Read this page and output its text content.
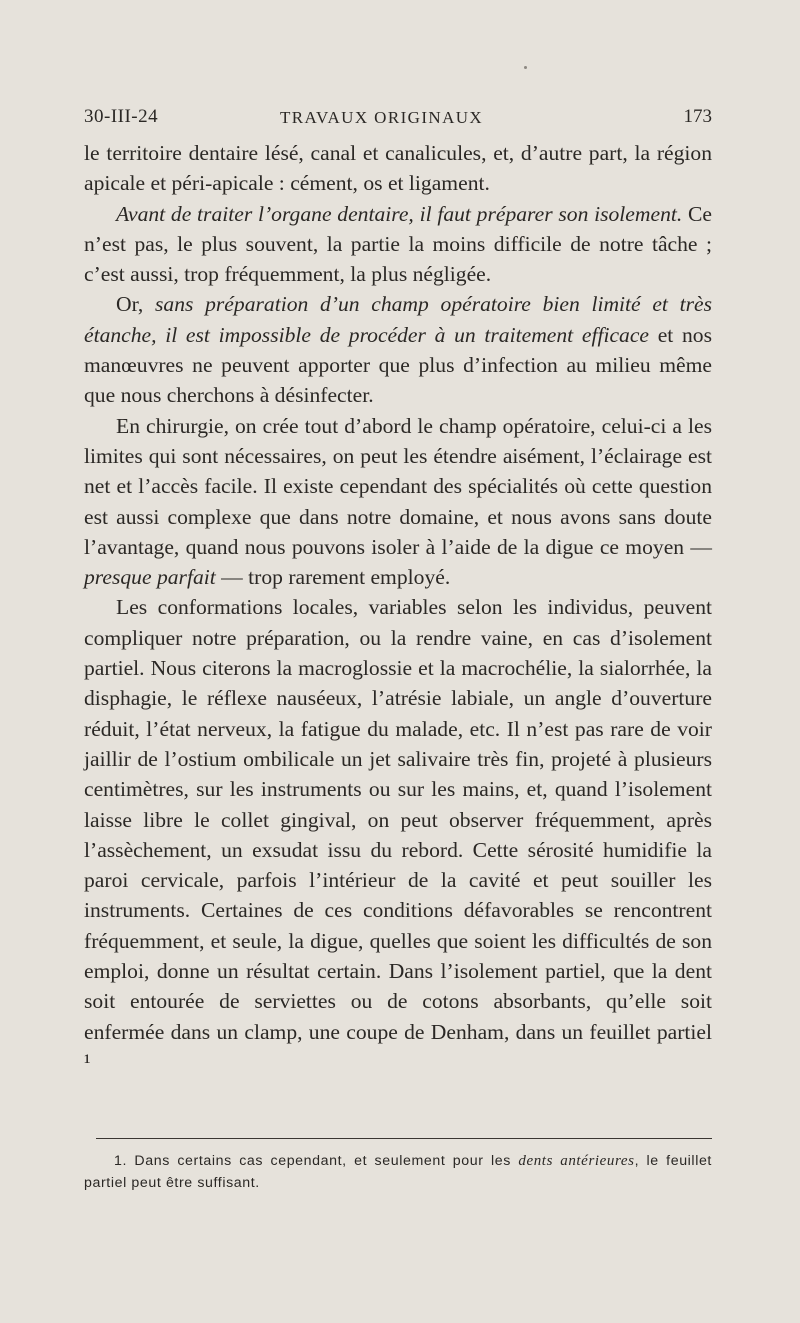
30-III-24	TRAVAUX ORIGINAUX	173

le territoire dentaire lésé, canal et canalicules, et, d’autre part, la région apicale et péri-apicale : cément, os et ligament.

Avant de traiter l’organe dentaire, il faut préparer son isolement. Ce n’est pas, le plus souvent, la partie la moins difficile de notre tâche ; c’est aussi, trop fréquemment, la plus négligée.

Or, sans préparation d’un champ opératoire bien limité et très étanche, il est impossible de procéder à un traitement efficace et nos manœuvres ne peuvent apporter que plus d’infection au milieu même que nous cherchons à désinfecter.

En chirurgie, on crée tout d’abord le champ opératoire, celui-ci a les limites qui sont nécessaires, on peut les étendre aisément, l’éclairage est net et l’accès facile. Il existe cependant des spécialités où cette question est aussi complexe que dans notre domaine, et nous avons sans doute l’avantage, quand nous pouvons isoler à l’aide de la digue ce moyen — presque parfait — trop rarement employé.

Les conformations locales, variables selon les individus, peuvent compliquer notre préparation, ou la rendre vaine, en cas d’isolement partiel. Nous citerons la macroglossie et la macrochélie, la sialorrhée, la disphagie, le réflexe nauséeux, l’atrésie labiale, un angle d’ouverture réduit, l’état nerveux, la fatigue du malade, etc. Il n’est pas rare de voir jaillir de l’ostium ombilicale un jet salivaire très fin, projeté à plusieurs centimètres, sur les instruments ou sur les mains, et, quand l’isolement laisse libre le collet gingival, on peut observer fréquemment, après l’assèchement, un exsudat issu du rebord. Cette sérosité humidifie la paroi cervicale, parfois l’intérieur de la cavité et peut souiller les instruments. Certaines de ces conditions défavorables se rencontrent fréquemment, et seule, la digue, quelles que soient les difficultés de son emploi, donne un résultat certain. Dans l’isolement partiel, que la dent soit entourée de serviettes ou de cotons absorbants, qu’elle soit enfermée dans un clamp, une coupe de Denham, dans un feuillet partiel ¹

1. Dans certains cas cependant, et seulement pour les dents antérieures, le feuillet partiel peut être suffisant.
